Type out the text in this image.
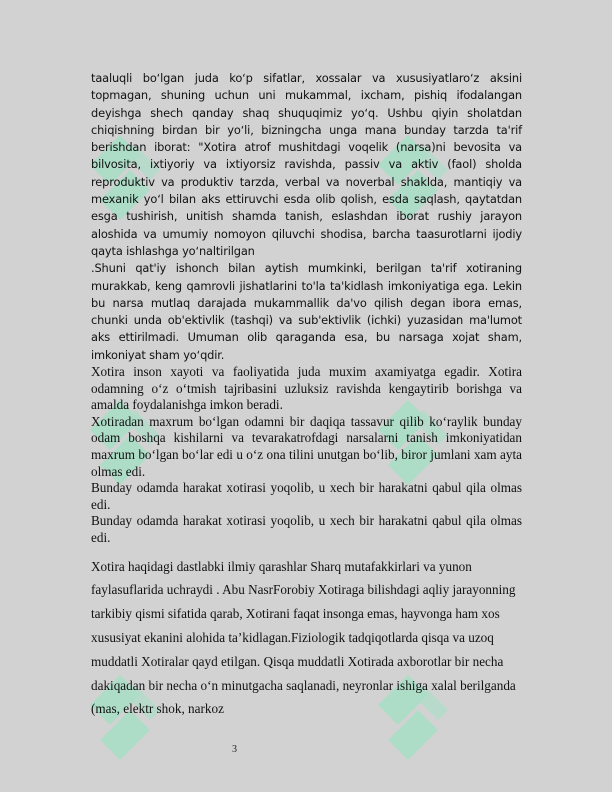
taaluqli boʻlgan juda koʻp sifatlar, xossalar va xususiyatlaroʻz aksini topmagan, shuning uchun uni mukammal, ixcham, pishiq ifodalangan deyishga shech qanday shaq shuquqimiz yoʻq. Ushbu qiyin sholatdan chiqishning birdan bir yoʻli, bizningcha unga mana bunday tarzda ta'rif berishdan iborat: "Xotira atrof mushitdagi voqelik (narsa)ni bevosita va bilvosita, ixtiyoriy va ixtiyorsiz ravishda, passiv va aktiv (faol) sholda reproduktiv va produktiv tarzda, verbal va noverbal shaklda, mantiqiy va mexanik yoʻl bilan aks ettiruvchi esda olib qolish, esda saqlash, qaytatdan esga tushirish, unitish shamda tanish, eslashdan iborat rushiy jarayon aloshida va umumiy nomoyon qiluvchi shodisa, barcha taasurotlarni ijodiy qayta ishlashga yoʻnaltirilgan

.Shuni qat'iy ishonch bilan aytish mumkinki, berilgan ta'rif xotiraning murakkab, keng qamrovli jishatlarini to'la ta'kidlash imkoniyatiga ega. Lekin bu narsa mutlaq darajada mukammallik da'vo qilish degan ibora emas, chunki unda ob'ektivlik (tashqi) va sub'ektivlik (ichki) yuzasidan ma'lumot aks ettirilmadi. Umuman olib qaraganda esa, bu narsaga xojat sham, imkoniyat sham yoʻqdir.

Xotira inson xayoti va faoliyatida juda muxim axamiyatga egadir. Xotira odamning oʻz oʻtmish tajribasini uzluksiz ravishda kengaytirib borishga va amalda foydalanishga imkon beradi.

Xotiradan maxrum boʻlgan odamni bir daqiqa tassavur qilib koʻraylik bunday odam boshqa kishilarni va tevarakatrofdagi narsalarni tanish imkoniyatidan maxrum boʻlgan boʻlar edi u oʻz ona tilini unutgan boʻlib, biror jumlani xam ayta olmas edi.

Bunday odamda harakat xotirasi yoqolib, u xech bir harakatni qabul qila olmas edi.

Bunday odamda harakat xotirasi yoqolib, u xech bir harakatni qabul qila olmas edi.

Xotira haqidagi dastlabki ilmiy qarashlar Sharq mutafakkirlari va yunon faylasuflarida uchraydi . Abu NasrForobiy Xotiraga bilishdagi aqliy jarayonning tarkibiy qismi sifatida qarab, Xotirani faqat insonga emas, hayvonga ham xos xususiyat ekanini alohida ta’kidlagan.Fiziologik tadqiqotlarda qisqa va uzoq muddatli Xotiralar qayd etilgan. Qisqa muddatli Xotirada axborotlar bir necha dakiqadan bir necha oʻn minutgacha saqlanadi, neyronlar ishiga xalal berilganda (mas, elektr shok, narkoz

3
